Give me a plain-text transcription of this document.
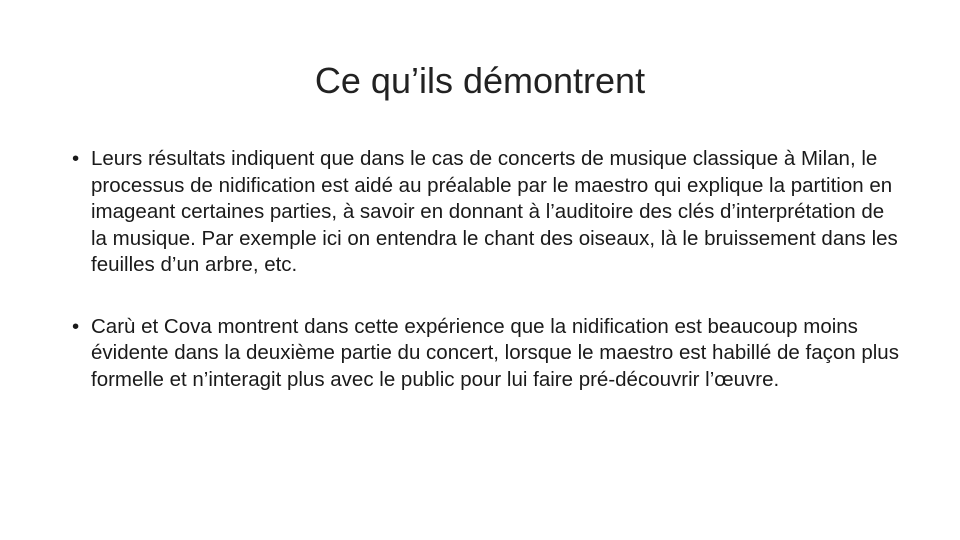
Ce qu’ils démontrent
• Leurs résultats indiquent que dans le cas de concerts de musique classique à Milan, le processus de nidification est aidé au préalable par le maestro qui explique la partition en imageant certaines parties, à savoir en donnant à l’auditoire des clés d’interprétation de la musique. Par exemple ici on entendra le chant des oiseaux, là le bruissement dans les feuilles d’un arbre, etc.
• Carù et Cova montrent dans cette expérience que la nidification est beaucoup moins évidente dans la deuxième partie du concert, lorsque le maestro est habillé de façon plus formelle et n’interagit plus avec le public pour lui faire pré-découvrir l’œuvre.
